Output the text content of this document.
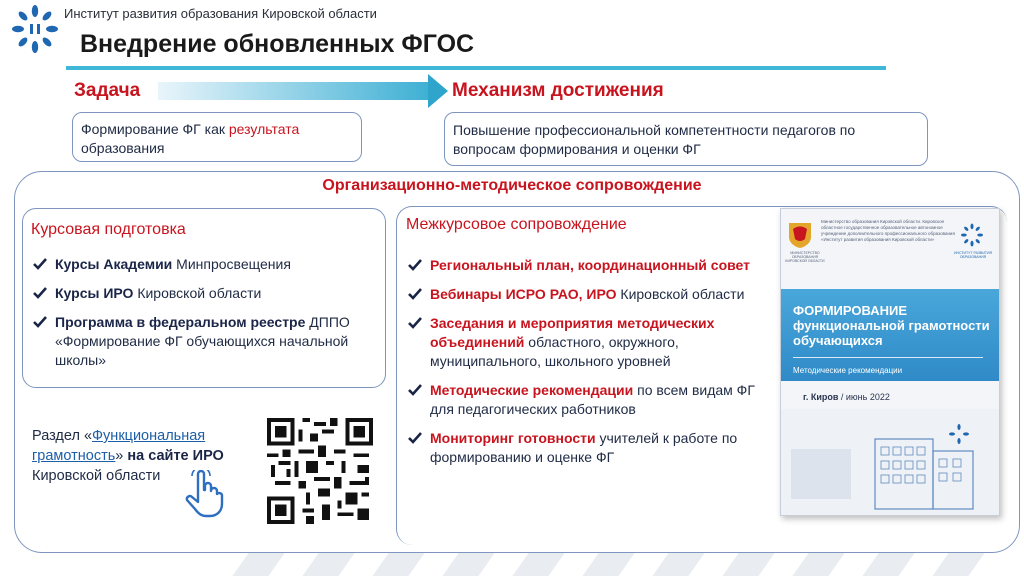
Институт развития образования Кировской области
Внедрение обновленных ФГОС
Задача	Механизм достижения
Формирование ФГ как результата
образования
Повышение профессиональной компетентности педагогов по вопросам формирования и оценки ФГ
Организационно-методическое сопровождение
Курсовая подготовка
Курсы Академии Минпросвещения
Курсы ИРО Кировской области
Программа в федеральном реестре ДППО «Формирование ФГ обучающихся начальной школы»
Раздел «Функциональная грамотность» на сайте ИРО Кировской области
Межкурсовое сопровождение
Региональный план, координационный совет
Вебинары ИСРО РАО, ИРО Кировской области
Заседания и мероприятия методических объединений областного, окружного, муниципального, школьного уровней
Методические рекомендации по всем видам ФГ для педагогических работников
Мониторинг готовности учителей к работе по формированию и оценке ФГ
Министерство образования Кировской области. Кировское областное государственное образовательное автономное учреждение дополнительного профессионального образования «Институт развития образования Кировской области»
МИНИСТЕРСТВО ОБРАЗОВАНИЯ КИРОВСКОЙ ОБЛАСТИ
ИНСТИТУТ РАЗВИТИЯ ОБРАЗОВАНИЯ
ФОРМИРОВАНИЕ функциональной грамотности обучающихся
Методические рекомендации
г. Киров / июнь 2022
